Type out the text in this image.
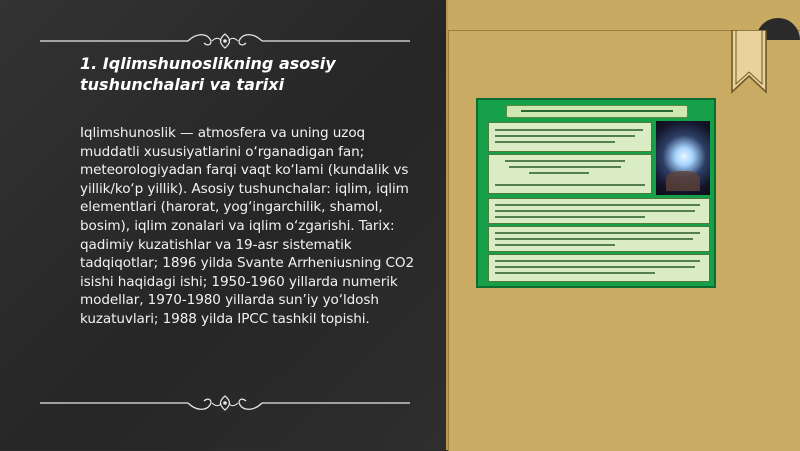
1. Iqlimshunoslikning asosiy tushunchalari va tarixi

Iqlimshunoslik — atmosfera va uning uzoq muddatli xususiyatlarini o‘rganadigan fan; meteorologiyadan farqi vaqt ko‘lami (kundalik vs yillik/ko‘p yillik). Asosiy tushunchalar: iqlim, iqlim elementlari (harorat, yog‘ingarchilik, shamol, bosim), iqlim zonalari va iqlim o‘zgarishi. Tarix: qadimiy kuzatishlar va 19-asr sistematik tadqiqotlar; 1896 yilda Svante Arrheniusning CO2 isishi haqidagi ishi; 1950-1960 yillarda numerik modellar, 1970-1980 yillarda sun’iy yo‘ldosh kuzatuvlari; 1988 yilda IPCC tashkil topishi.
